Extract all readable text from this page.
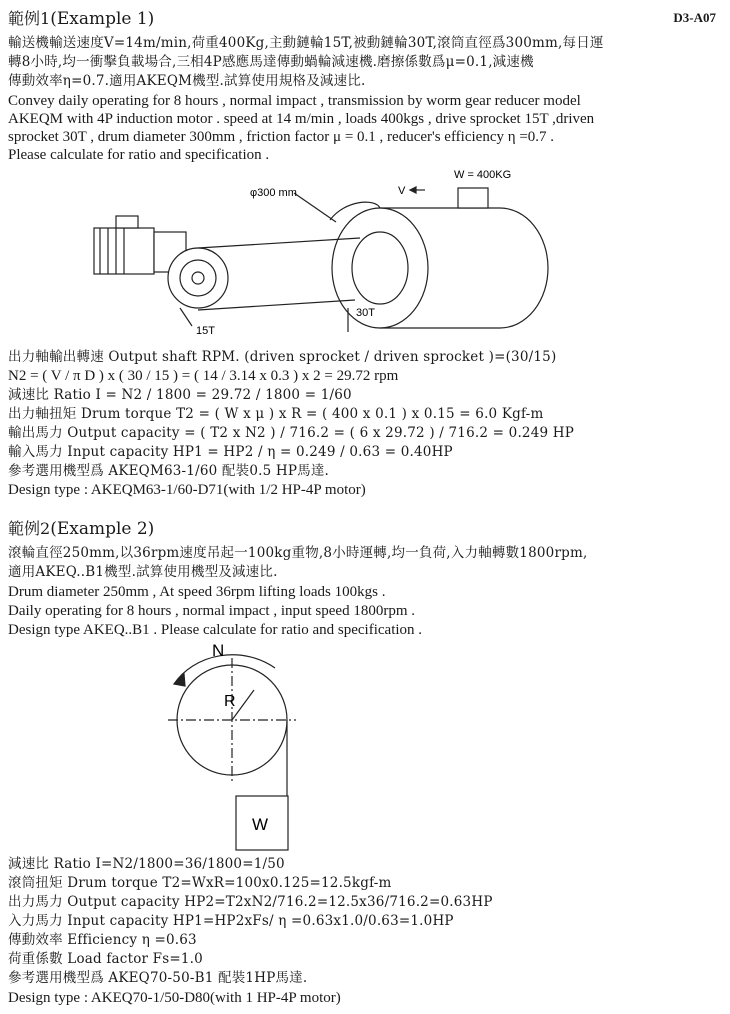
D3-A07
範例1(Example 1)
輸送機輸送速度V=14m/min,荷重400Kg,主動鏈輪15T,被動鏈輪30T,滾筒直徑爲300mm,每日運
轉8小時,均一衝擊負載場合,三相4P感應馬達傳動蝸輪減速機.磨擦係數爲μ=0.1,減速機
傳動效率η=0.7.適用AKEQM機型.試算使用規格及減速比.
Convey daily operating for 8 hours , normal impact , transmission by worm gear reducer model
AKEQM with 4P induction motor . speed at 14 m/min , loads 400kgs , drive sprocket 15T ,driven
sprocket 30T , drum diameter 300mm , friction factor μ = 0.1 , reducer's efficiency η =0.7 .
Please calculate for ratio and specification .
φ300 mm	V
W = 400KG
30T
15T
出力軸輸出轉速 Output shaft RPM. (driven sprocket / driven sprocket )=(30/15)
N2 = ( V / π D ) x ( 30 / 15 ) = ( 14 / 3.14 x 0.3 ) x 2 = 29.72 rpm
減速比 Ratio I = N2 / 1800 = 29.72 / 1800 = 1/60
出力軸扭矩 Drum torque T2 = ( W x μ ) x R = ( 400 x 0.1 ) x 0.15 = 6.0 Kgf-m
輸出馬力 Output capacity = ( T2 x N2 ) / 716.2 = ( 6 x 29.72 ) / 716.2 = 0.249 HP
輸入馬力 Input capacity HP1 = HP2 / η = 0.249 / 0.63 = 0.40HP
參考選用機型爲 AKEQM63-1/60 配裝0.5 HP馬達.
Design type : AKEQM63-1/60-D71(with 1/2 HP-4P motor)
範例2(Example 2)
滾輪直徑250mm,以36rpm速度吊起一100kg重物,8小時運轉,均一負荷,入力軸轉數1800rpm,
適用AKEQ..B1機型.試算使用機型及減速比.
Drum diameter 250mm , At speed 36rpm lifting loads 100kgs .
Daily operating for 8 hours , normal impact , input speed 1800rpm .
Design type AKEQ..B1 . Please calculate for ratio and specification .
N
R
W
減速比 Ratio I=N2/1800=36/1800=1/50
滾筒扭矩 Drum torque T2=WxR=100x0.125=12.5kgf-m
出力馬力 Output capacity HP2=T2xN2/716.2=12.5x36/716.2=0.63HP
入力馬力 Input capacity HP1=HP2xFs/ η =0.63x1.0/0.63=1.0HP
傳動效率 Efficiency η =0.63
荷重係數 Load factor Fs=1.0
參考選用機型爲 AKEQ70-50-B1 配裝1HP馬達.
Design type : AKEQ70-1/50-D80(with 1 HP-4P motor)
